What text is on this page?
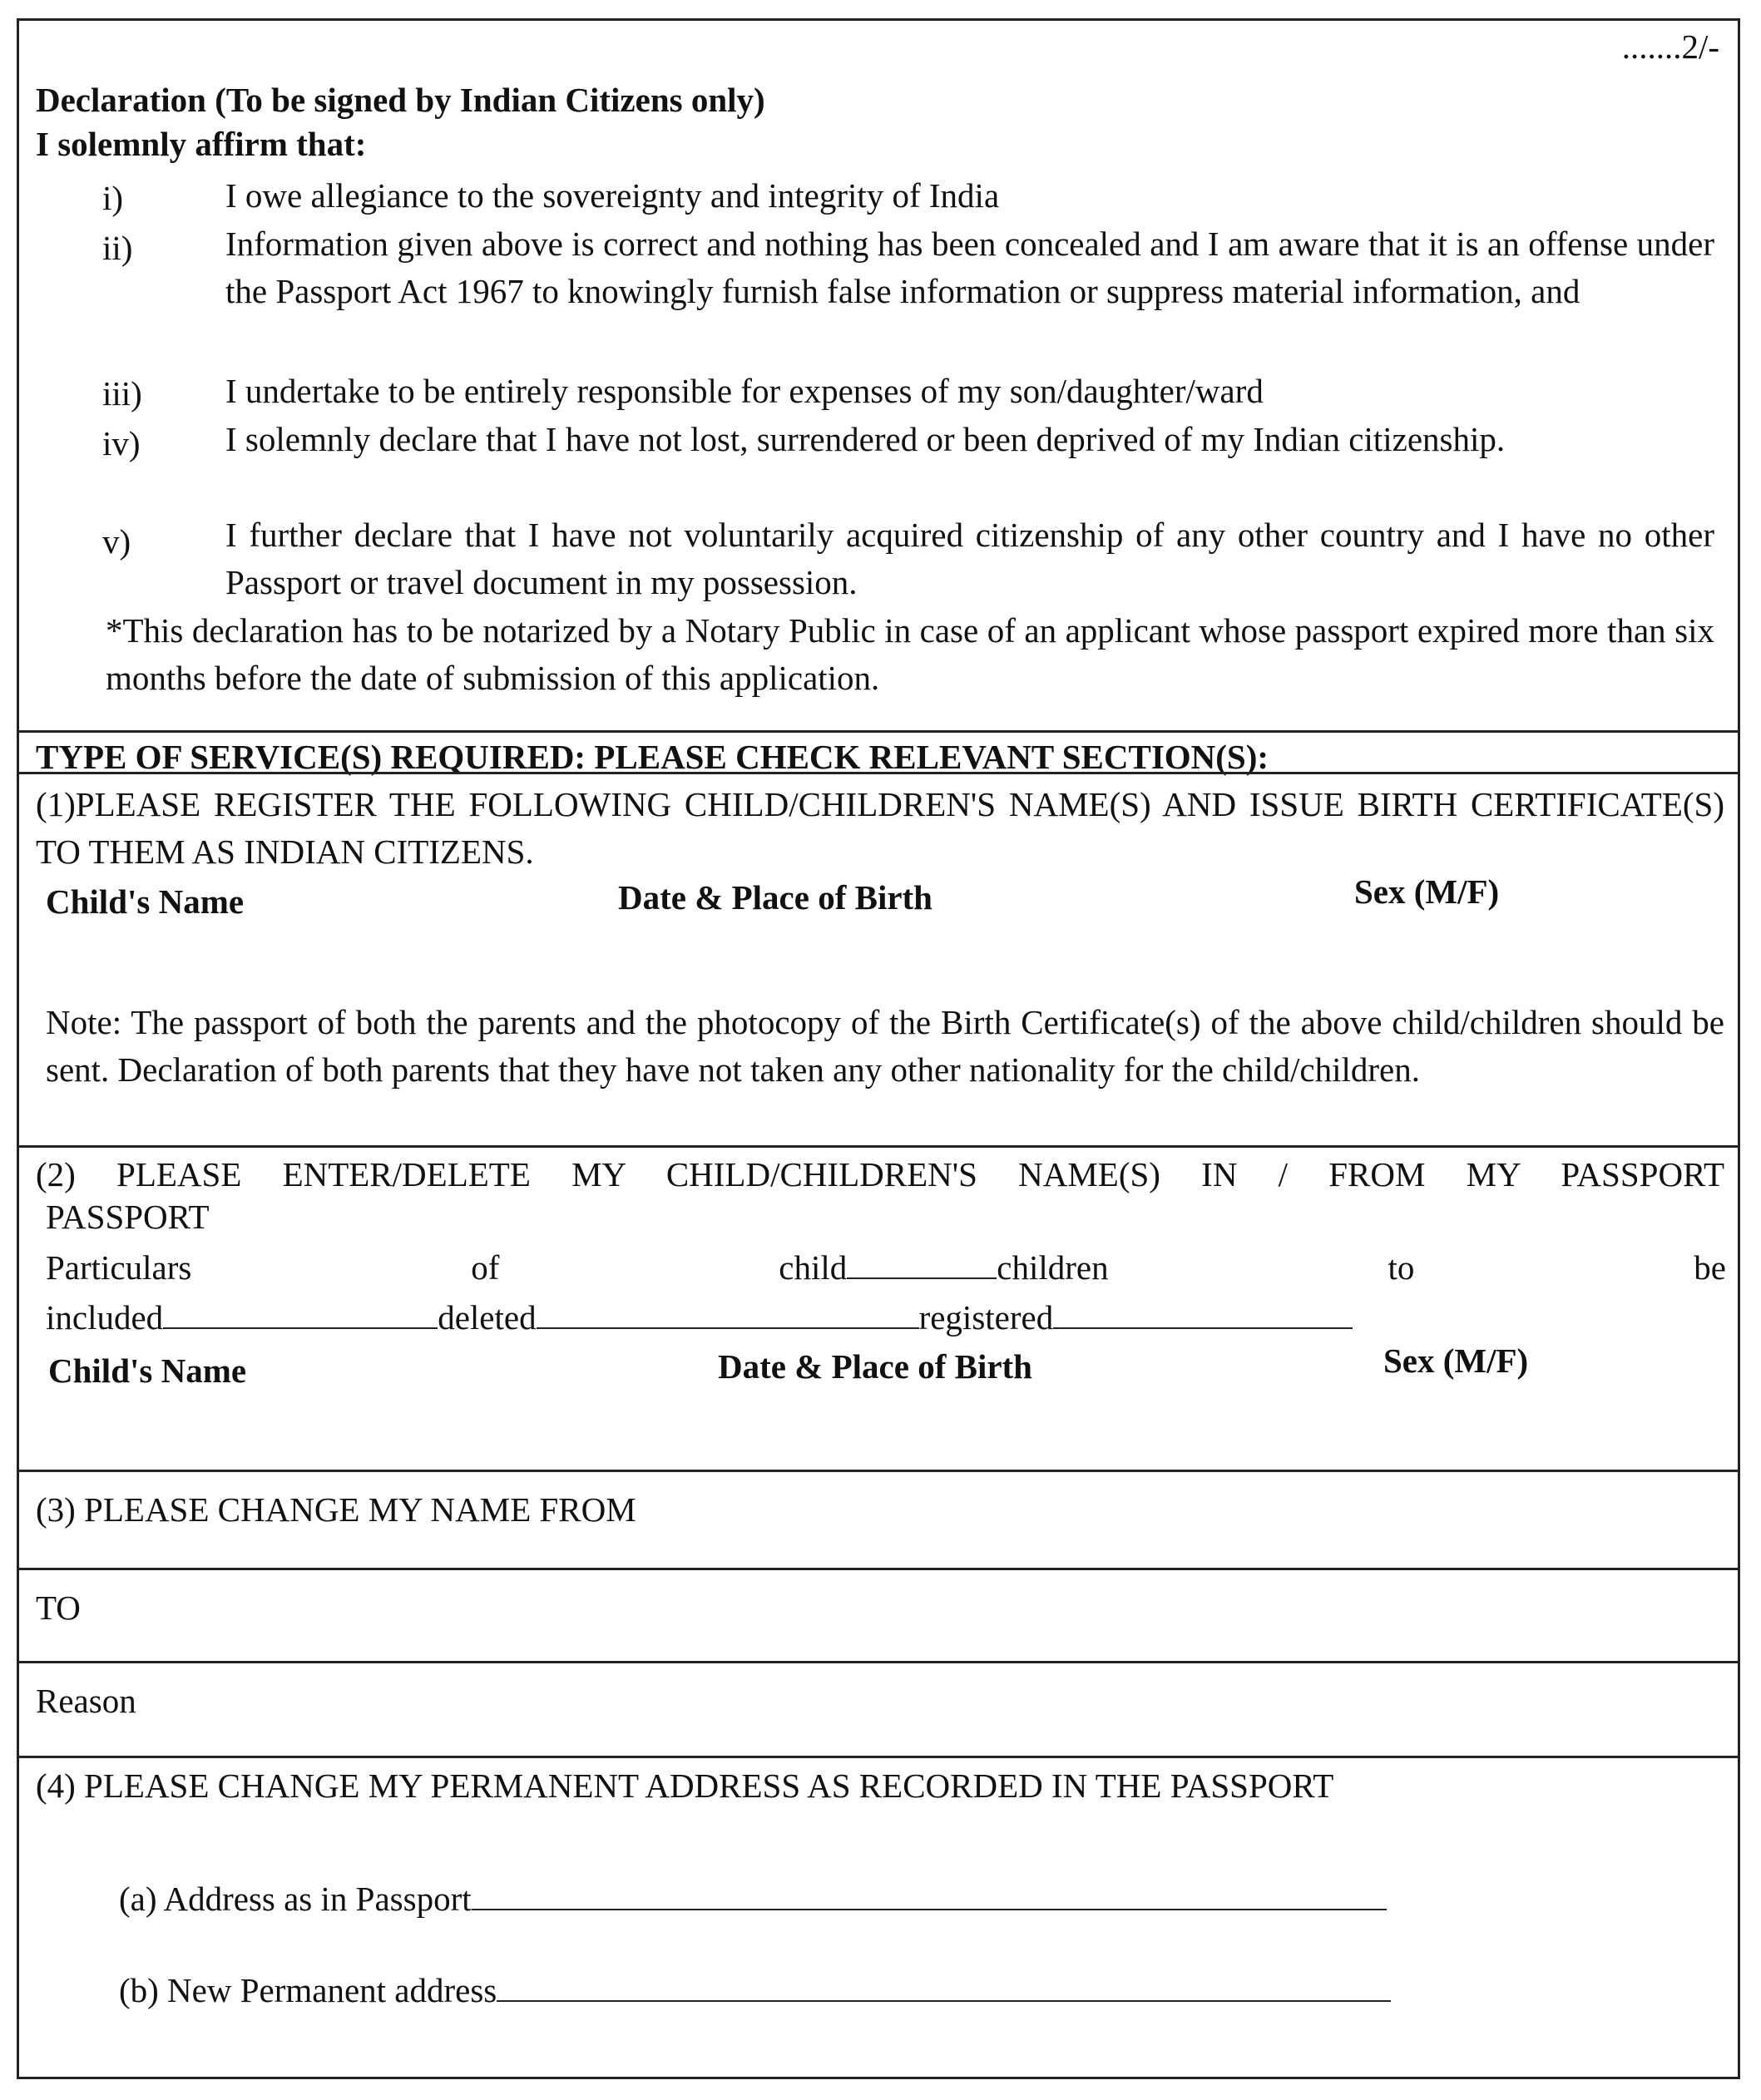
.......2/-
Declaration (To be signed by Indian Citizens only)
I solemnly affirm that:
i)	I owe allegiance to the sovereignty and integrity of India
ii)	Information given above is correct and nothing has been concealed and I am aware that it is an offense under the Passport Act 1967 to knowingly furnish false information or suppress material information, and
iii) I undertake to be entirely responsible for expenses of my son/daughter/ward
iv) I solemnly declare that I have not lost, surrendered or been deprived of my Indian citizenship.
v)	I further declare that I have not voluntarily acquired citizenship of any other country and I have no other Passport or travel document in my possession.
*This declaration has to be notarized by a Notary Public in case of an applicant whose passport expired more than six months before the date of submission of this application.
TYPE OF SERVICE(S) REQUIRED: PLEASE CHECK RELEVANT SECTION(S):
(1)PLEASE REGISTER THE FOLLOWING CHILD/CHILDREN'S NAME(S) AND ISSUE BIRTH CERTIFICATE(S) TO THEM AS INDIAN CITIZENS.
Child's Name	Date & Place of Birth	Sex (M/F)
Note: The passport of both the parents and the photocopy of the Birth Certificate(s) of the above child/children should be sent. Declaration of both parents that they have not taken any other nationality for the child/children.
(2) PLEASE ENTER/DELETE MY CHILD/CHILDREN'S NAME(S) IN / FROM MY PASSPORT
PASSPORT
Particulars	of	child	children	to	be
included	deleted	registered
Child's Name	Date & Place of Birth	Sex (M/F)
(3) PLEASE CHANGE MY NAME FROM
TO
Reason
(4) PLEASE CHANGE MY PERMANENT ADDRESS AS RECORDED IN THE PASSPORT
(a) Address as in Passport
(b) New Permanent address
